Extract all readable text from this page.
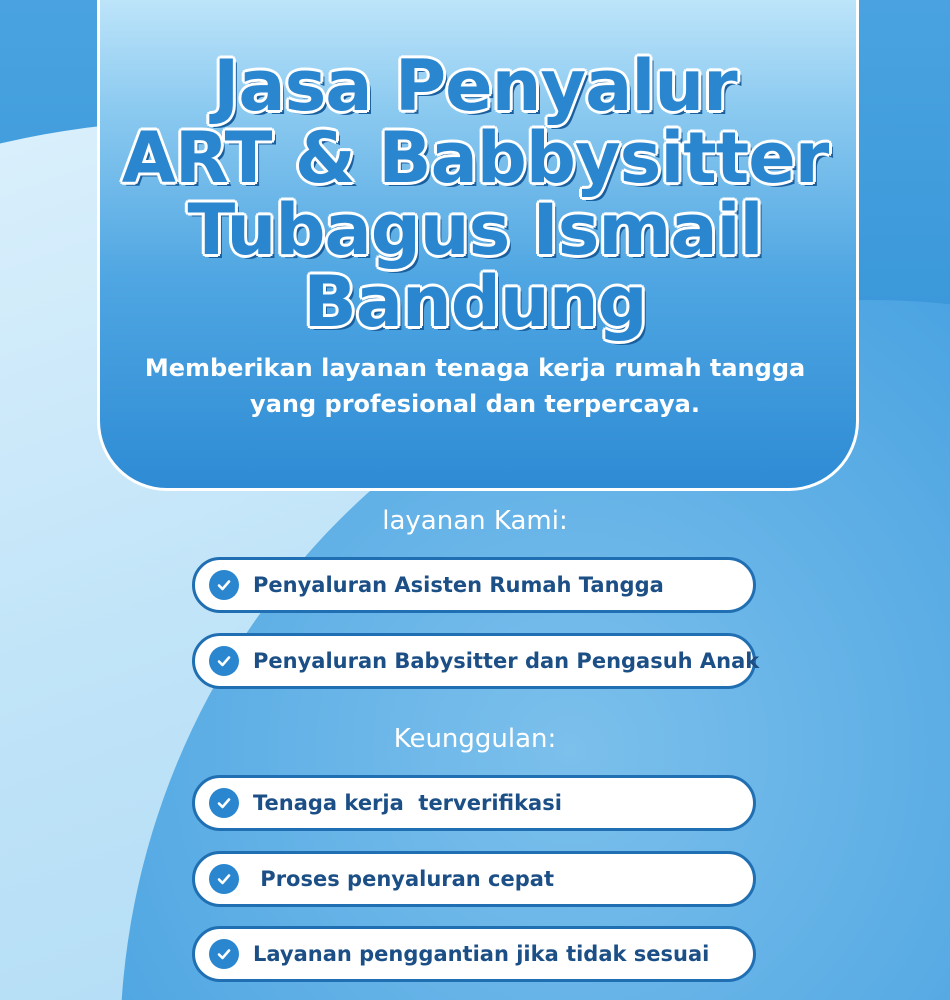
Jasa Penyalur
ART & Babbysitter
Tubagus Ismail
Bandung

Memberikan layanan tenaga kerja rumah tangga
yang profesional dan terpercaya.

layanan Kami:
Penyaluran Asisten Rumah Tangga
Penyaluran Babysitter dan Pengasuh Anak
Keunggulan:
Tenaga kerja  terverifikasi
Proses penyaluran cepat
Layanan penggantian jika tidak sesuai
